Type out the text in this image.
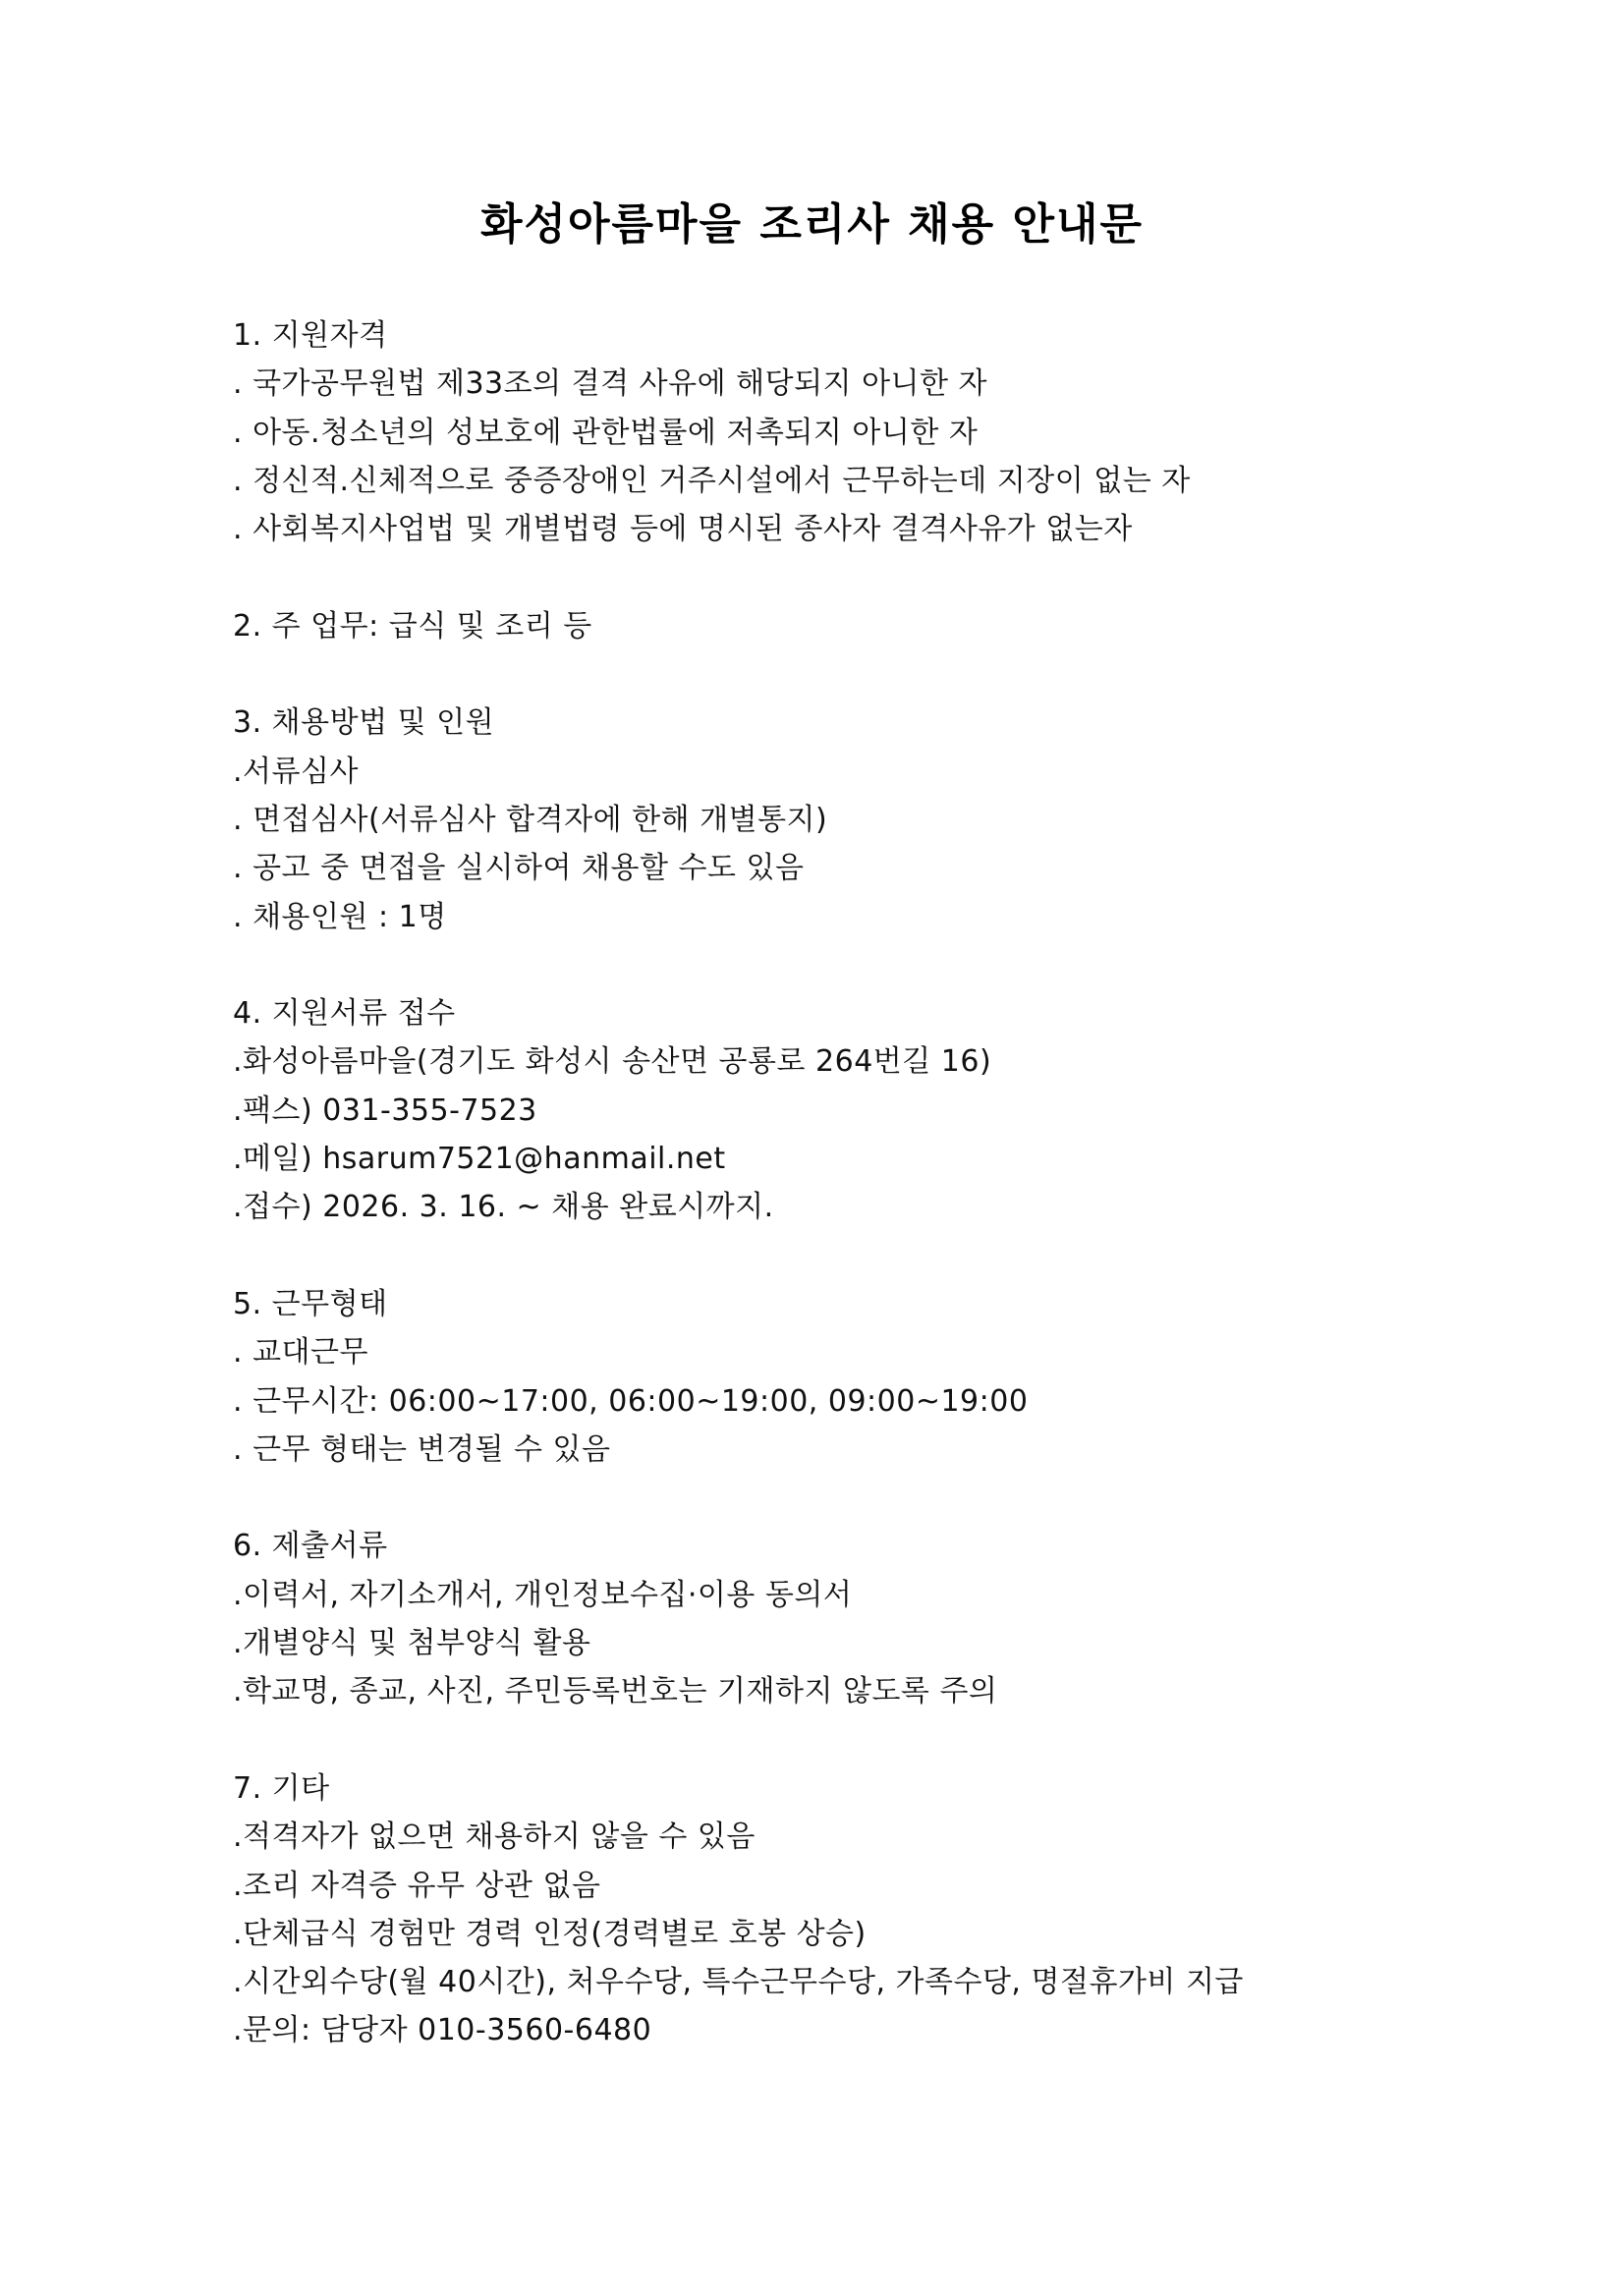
화성아름마을 조리사 채용 안내문
1. 지원자격
. 국가공무원법 제33조의 결격 사유에 해당되지 아니한 자
. 아동.청소년의 성보호에 관한법률에 저촉되지 아니한 자
. 정신적.신체적으로 중증장애인 거주시설에서 근무하는데 지장이 없는 자
. 사회복지사업법 및 개별법령 등에 명시된 종사자 결격사유가 없는자
2. 주 업무: 급식 및 조리 등
3. 채용방법 및 인원
.서류심사
. 면접심사(서류심사 합격자에 한해 개별통지)
. 공고 중 면접을 실시하여 채용할 수도 있음
. 채용인원 : 1명
4. 지원서류 접수
.화성아름마을(경기도 화성시 송산면 공룡로 264번길 16)
.팩스) 031-355-7523
.메일) hsarum7521@hanmail.net
.접수) 2026. 3. 16. ~ 채용 완료시까지.
5. 근무형태
. 교대근무
. 근무시간: 06:00~17:00, 06:00~19:00, 09:00~19:00
. 근무 형태는 변경될 수 있음
6. 제출서류
.이력서, 자기소개서, 개인정보수집·이용 동의서
.개별양식 및 첨부양식 활용
.학교명, 종교, 사진, 주민등록번호는 기재하지 않도록 주의
7. 기타
.적격자가 없으면 채용하지 않을 수 있음
.조리 자격증 유무 상관 없음
.단체급식 경험만 경력 인정(경력별로 호봉 상승)
.시간외수당(월 40시간), 처우수당, 특수근무수당, 가족수당, 명절휴가비 지급
.문의: 담당자 010-3560-6480
